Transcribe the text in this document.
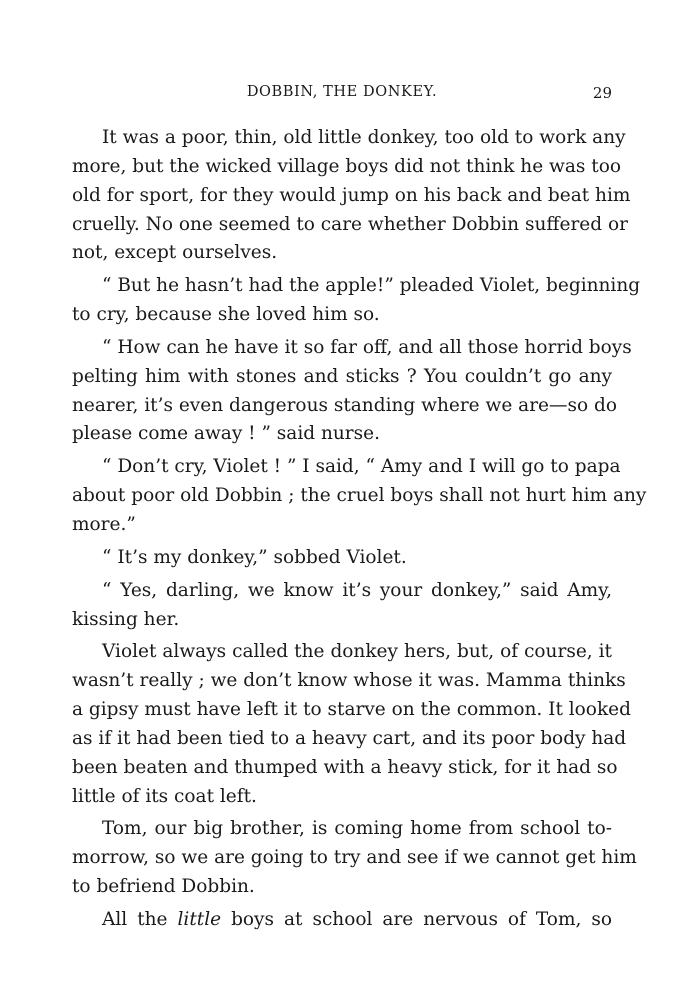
DOBBIN, THE DONKEY.	29
It was a poor, thin, old little donkey, too old to work any
more, but the wicked village boys did not think he was too
old for sport, for they would jump on his back and beat him
cruelly. No one seemed to care whether Dobbin suffered or
not, except ourselves.
“ But he hasn’t had the apple!” pleaded Violet, beginning
to cry, because she loved him so.
“ How can he have it so far off, and all those horrid boys
pelting him with stones and sticks ? You couldn’t go any
nearer, it’s even dangerous standing where we are—so do
please come away ! ” said nurse.
“ Don’t cry, Violet ! ” I said, “ Amy and I will go to papa
about poor old Dobbin ; the cruel boys shall not hurt him any
more.”
“ It’s my donkey,” sobbed Violet.
“ Yes, darling, we know it’s your donkey,” said Amy,
kissing her.
Violet always called the donkey hers, but, of course, it
wasn’t really ; we don’t know whose it was. Mamma thinks
a gipsy must have left it to starve on the common. It looked
as if it had been tied to a heavy cart, and its poor body had
been beaten and thumped with a heavy stick, for it had so
little of its coat left.
Tom, our big brother, is coming home from school to-
morrow, so we are going to try and see if we cannot get him
to befriend Dobbin.
All the little boys at school are nervous of Tom, so
